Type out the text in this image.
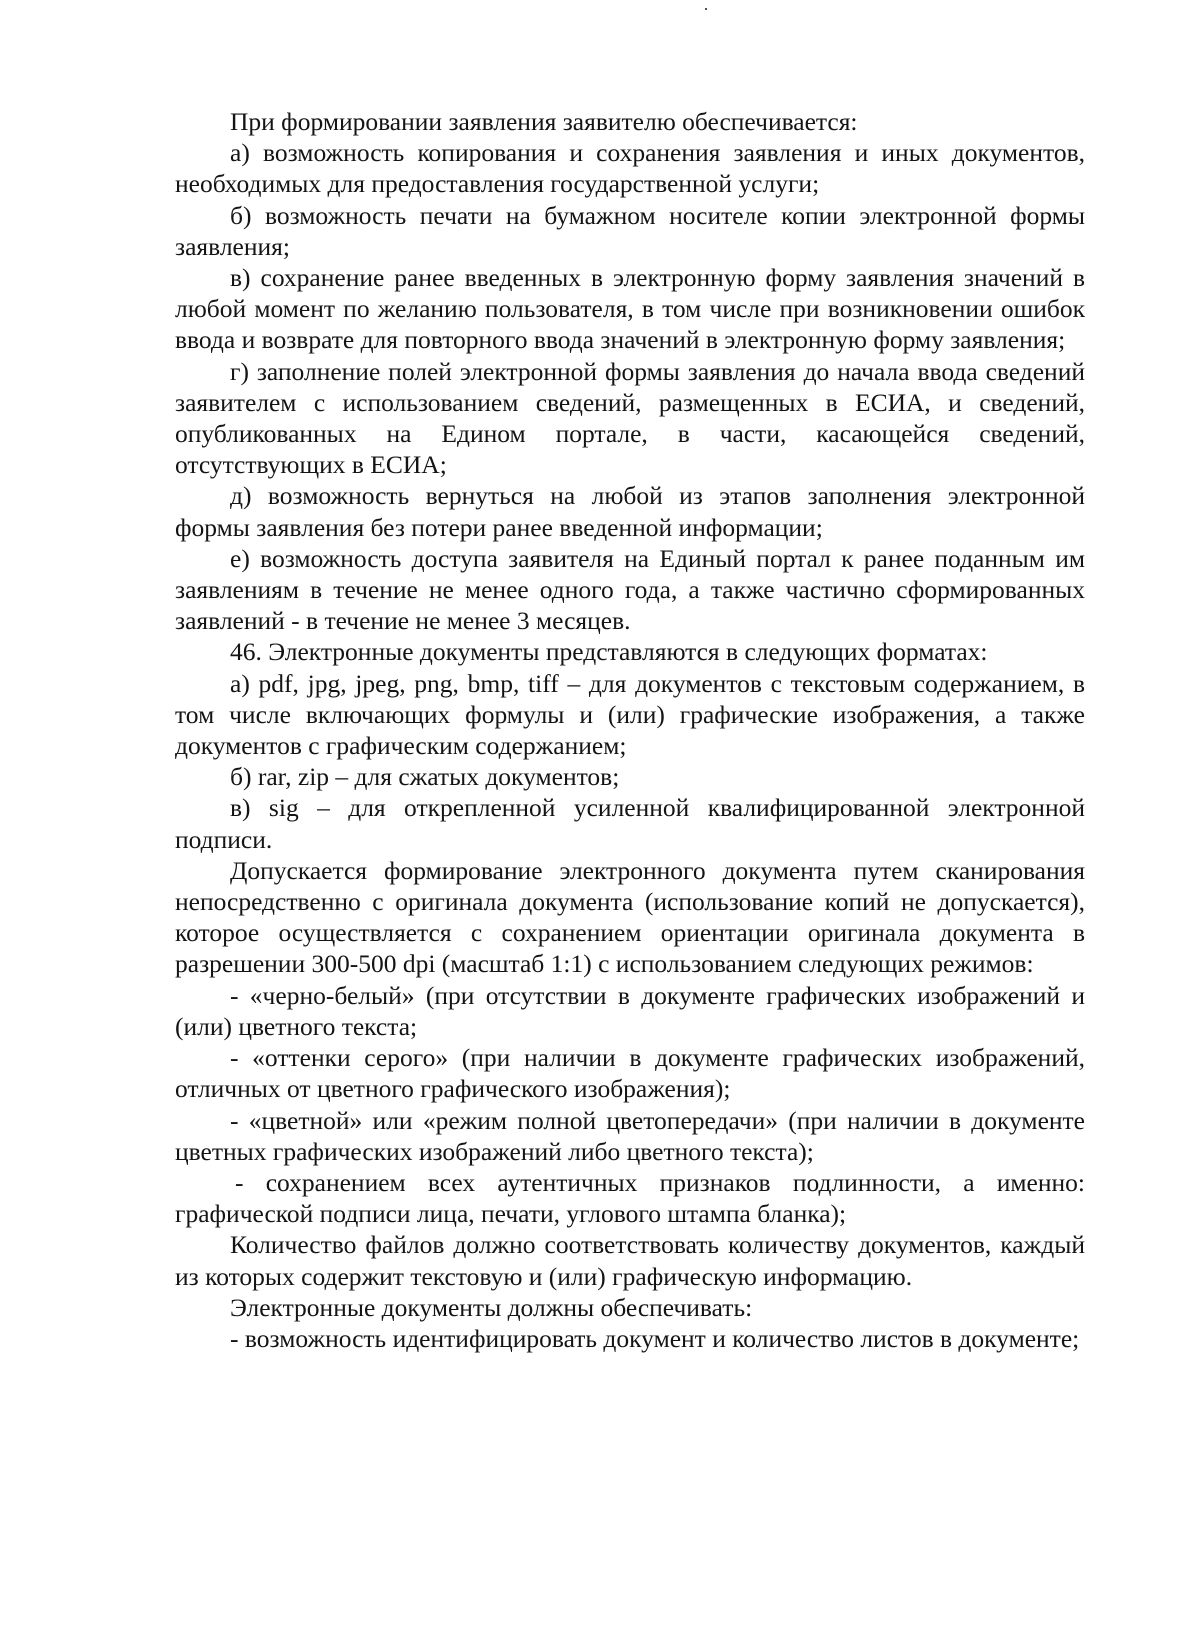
При формировании заявления заявителю обеспечивается:

а) возможность копирования и сохранения заявления и иных документов, необходимых для предоставления государственной услуги;

б) возможность печати на бумажном носителе копии электронной формы заявления;

в) сохранение ранее введенных в электронную форму заявления значений в любой момент по желанию пользователя, в том числе при возникновении ошибок ввода и возврате для повторного ввода значений в электронную форму заявления;

г) заполнение полей электронной формы заявления до начала ввода сведений заявителем с использованием сведений, размещенных в ЕСИА, и сведений, опубликованных на Едином портале, в части, касающейся сведений, отсутствующих в ЕСИА;

д) возможность вернуться на любой из этапов заполнения электронной формы заявления без потери ранее введенной информации;

е) возможность доступа заявителя на Единый портал к ранее поданным им заявлениям в течение не менее одного года, а также частично сформированных заявлений - в течение не менее 3 месяцев.

46. Электронные документы представляются в следующих форматах:

а) pdf, jpg, jpeg, png, bmp, tiff – для документов с текстовым содержанием, в том числе включающих формулы и (или) графические изображения, а также документов с графическим содержанием;

б) rar, zip – для сжатых документов;

в) sig – для открепленной усиленной квалифицированной электронной подписи.

Допускается формирование электронного документа путем сканирования непосредственно с оригинала документа (использование копий не допускается), которое осуществляется с сохранением ориентации оригинала документа в разрешении 300-500 dpi (масштаб 1:1) с использованием следующих режимов:

- «черно-белый» (при отсутствии в документе графических изображений и (или) цветного текста;

- «оттенки серого» (при наличии в документе графических изображений, отличных от цветного графического изображения);

- «цветной» или «режим полной цветопередачи» (при наличии в документе цветных графических изображений либо цветного текста);

- сохранением всех аутентичных признаков подлинности, а именно: графической подписи лица, печати, углового штампа бланка);

Количество файлов должно соответствовать количеству документов, каждый из которых содержит текстовую и (или) графическую информацию.

Электронные документы должны обеспечивать:

- возможность идентифицировать документ и количество листов в документе;
